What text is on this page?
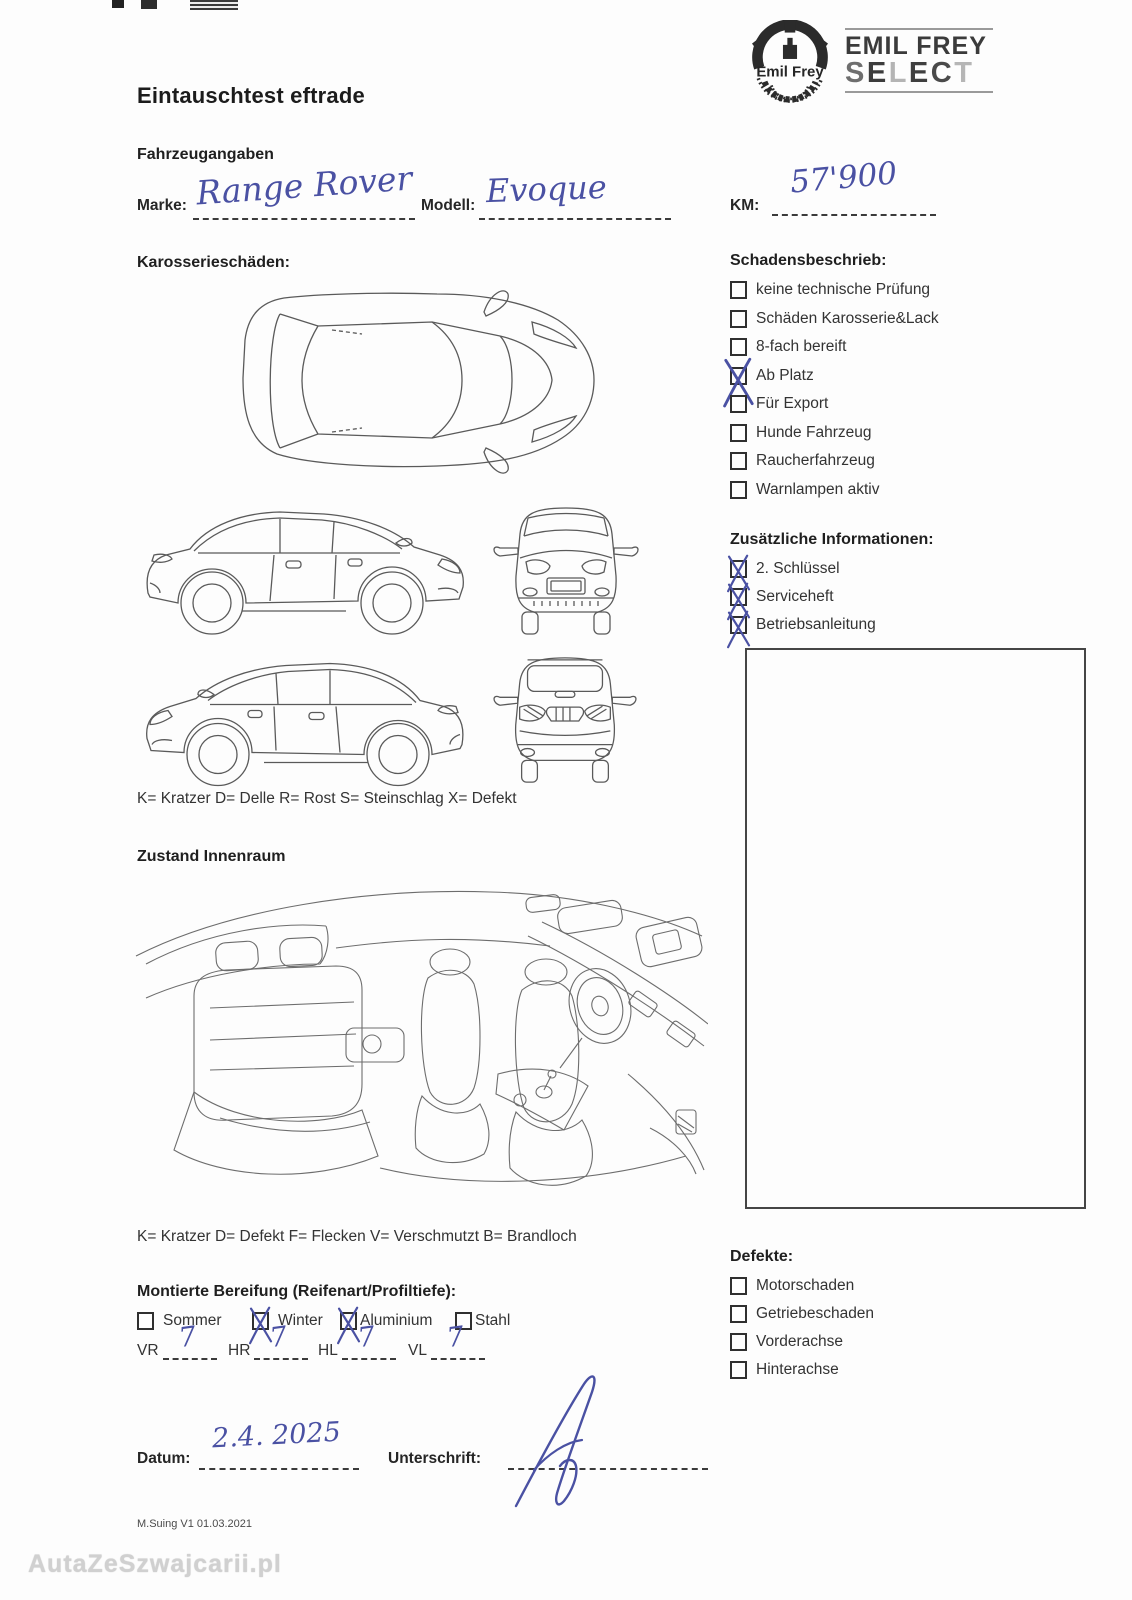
Emil Frey
EMIL FREY
SELECT
Eintauschtest eftrade
Fahrzeugangaben
Marke: Range Rover Modell: Evoque	KM:
57'900
Karosserieschäden:
K= Kratzer D= Delle R= Rost S= Steinschlag X= Defekt
Schadensbeschrieb:
keine technische Prüfung
Schäden Karosserie&Lack
8-fach bereift
Ab Platz
Für Export
Hunde Fahrzeug
Raucherfahrzeug
Warnlampen aktiv
Zusätzliche Informationen:
2. Schlüssel
Serviceheft
Betriebsanleitung
Zustand Innenraum
K= Kratzer D= Defekt F= Flecken V= Verschmutzt B= Brandloch
Montierte Bereifung (Reifenart/Profiltiefe):
Sommer	Winter Aluminium	Stahl
VR 7 HR 7 HL 7 VL 7
Defekte:
Motorschaden
Getriebeschaden
Vorderachse
Hinterachse
Datum:
2.4. 2025
Unterschrift:
M.Suing V1 01.03.2021
AutaZeSzwajcarii.pl
